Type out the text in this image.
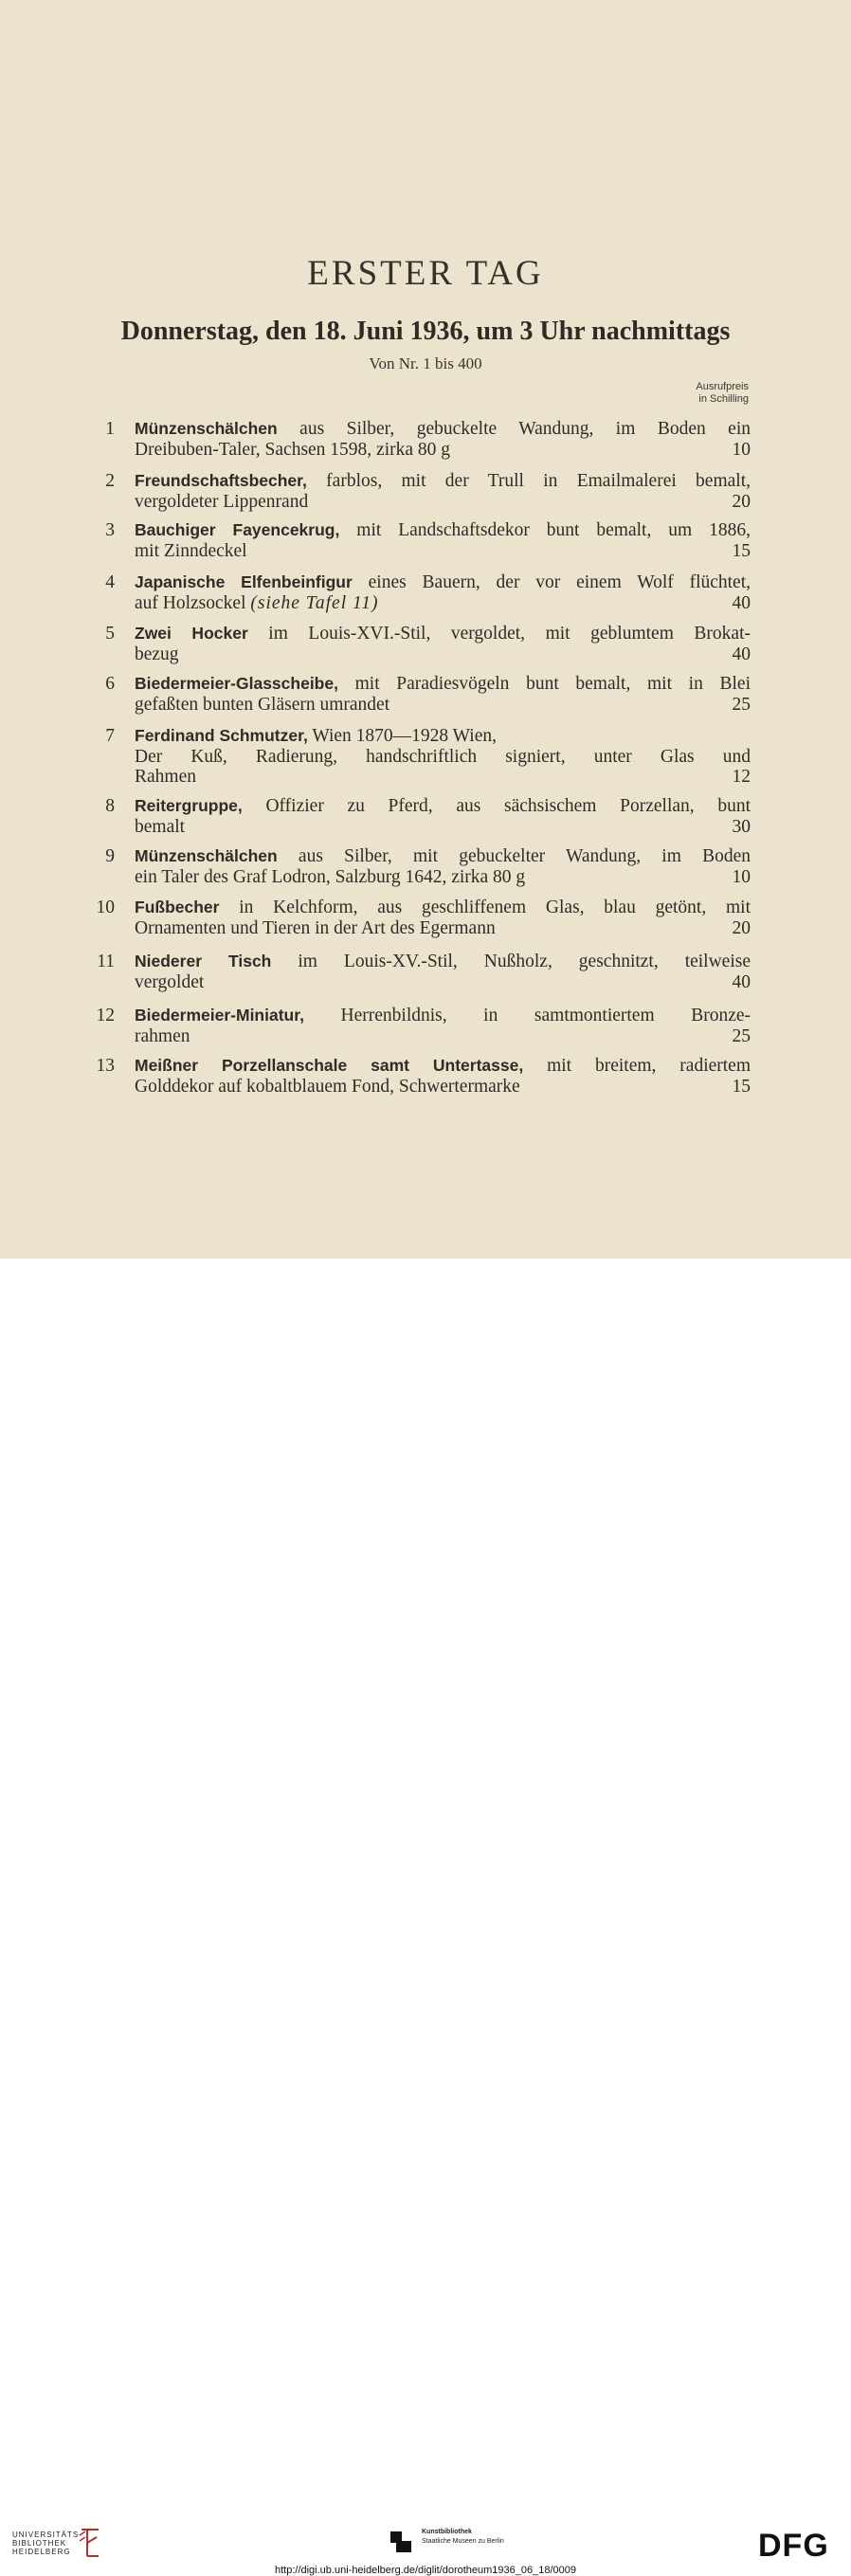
ERSTER TAG
Donnerstag, den 18. Juni 1936, um 3 Uhr nachmittags
Von Nr. 1 bis 400
Ausrufpreis
in Schilling
1 Münzenschälchen aus Silber, gebuckelte Wandung, im Boden ein
Dreibuben-Taler, Sachsen 1598, zirka 80 g	10
2 Freundschaftsbecher, farblos, mit der Trull in Emailmalerei bemalt,
vergoldeter Lippenrand	20
3 Bauchiger Fayencekrug, mit Landschaftsdekor bunt bemalt, um 1886,
mit Zinndeckel	15
4 Japanische Elfenbeinfigur eines Bauern, der vor einem Wolf flüchtet,
auf Holzsockel (siehe Tafel 11)	40
5 Zwei Hocker im Louis-XVI.-Stil, vergoldet, mit geblumtem Brokat-
bezug	40
6 Biedermeier-Glasscheibe, mit Paradiesvögeln bunt bemalt, mit in Blei
gefaßten bunten Gläsern umrandet	25
7 Ferdinand Schmutzer, Wien 1870—1928 Wien,
Der Kuß, Radierung, handschriftlich signiert, unter Glas und
Rahmen	12
8 Reitergruppe, Offizier zu Pferd, aus sächsischem Porzellan, bunt
bemalt	30
9 Münzenschälchen aus Silber, mit gebuckelter Wandung, im Boden
ein Taler des Graf Lodron, Salzburg 1642, zirka 80 g	10
10 Fußbecher in Kelchform, aus geschliffenem Glas, blau getönt, mit
Ornamenten und Tieren in der Art des Egermann	20
11 Niederer Tisch im Louis-XV.-Stil, Nußholz, geschnitzt, teilweise
vergoldet	40
12 Biedermeier-Miniatur, Herrenbildnis, in samtmontiertem Bronze-
rahmen	25
13 Meißner Porzellanschale samt Untertasse, mit breitem, radiertem
Golddekor auf kobaltblauem Fond, Schwertermarke	15
UNIVERSITÄTS-
BIBLIOTHEK
HEIDELBERG
Kunstbibliothek
Staatliche Museen zu Berlin	DFG
http://digi.ub.uni-heidelberg.de/diglit/dorotheum1936_06_18/0009
